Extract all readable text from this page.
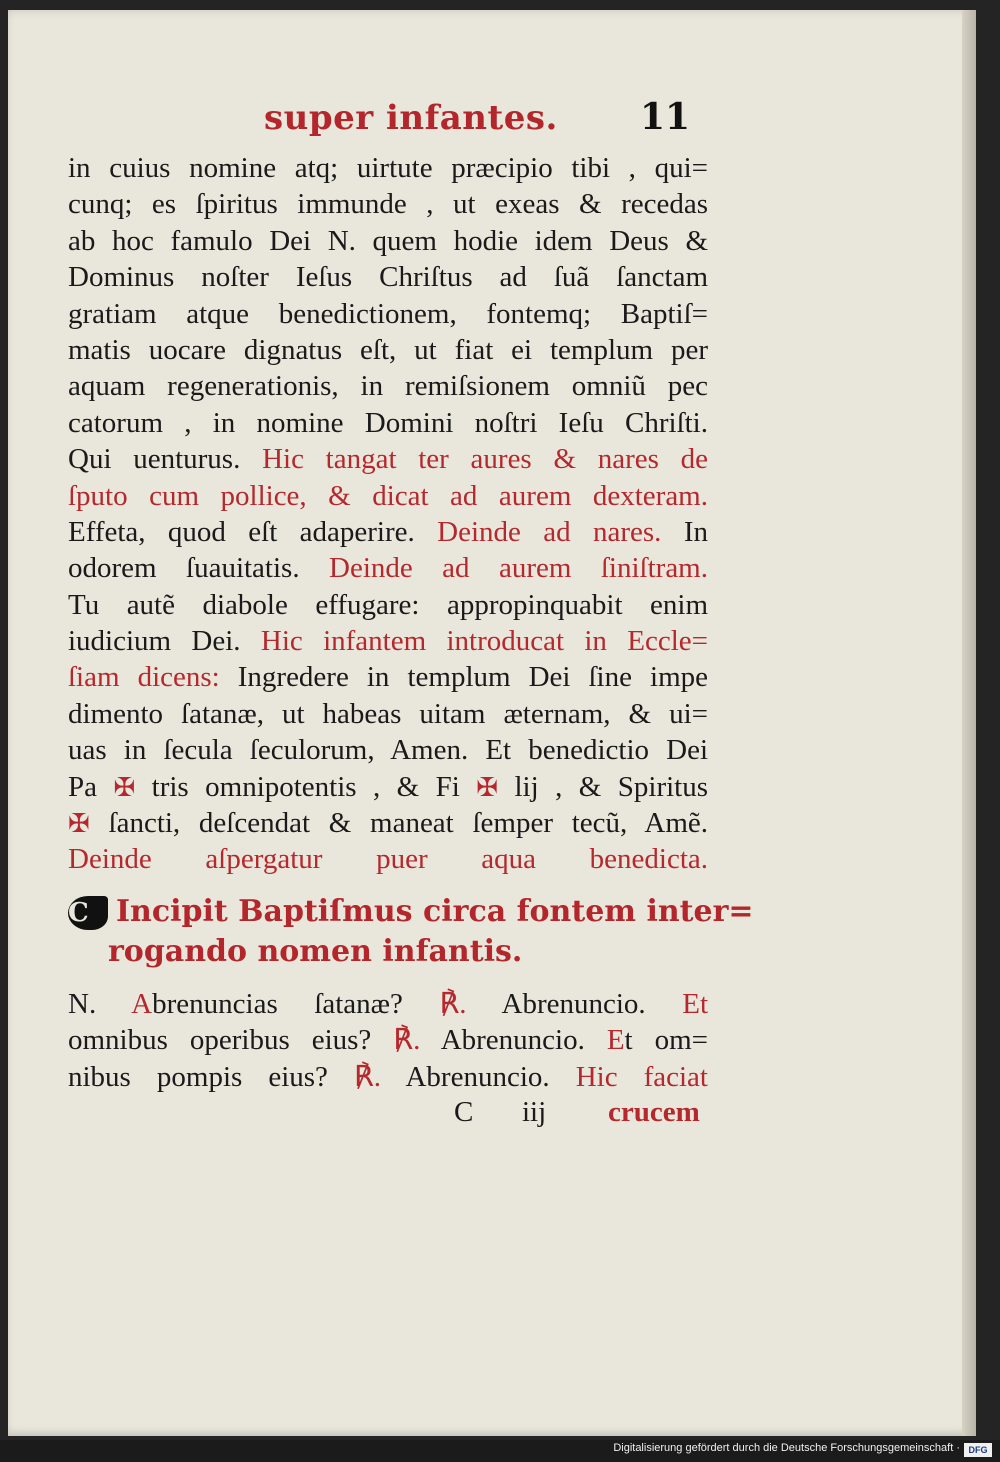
super infantes. 11
in cuius nomine atq; uirtute præcipio tibi , qui=
cunq; es ſpiritus immunde , ut exeas & recedas
ab hoc famulo Dei N. quem hodie idem Deus &
Dominus noſter Ieſus Chriſtus ad ſuã ſanctam
gratiam atque benedictionem, fontemq; Baptiſ=
matis uocare dignatus eſt, ut fiat ei templum per
aquam regenerationis, in remiſsionem omniũ pec
catorum , in nomine Domini noſtri Ieſu Chriſti.
Qui uenturus. Hic tangat ter aures & nares de
ſputo cum pollice, & dicat ad aurem dexteram.
Effeta, quod eſt adaperire. Deinde ad nares. In
odorem ſuauitatis. Deinde ad aurem ſiniſtram.
Tu autẽ diabole effugare: appropinquabit enim
iudicium Dei. Hic infantem introducat in Eccle=
ſiam dicens: Ingredere in templum Dei ſine impe
dimento ſatanæ, ut habeas uitam æternam, & ui=
uas in ſecula ſeculorum, Amen. Et benedictio Dei
Pa ✠ tris omnipotentis , & Fi ✠ lij , & Spiritus
✠ ſancti, deſcendat & maneat ſemper tecũ, Amẽ.
Deinde aſpergatur puer aqua benedicta.
C Incipit Baptiſmus circa fontem inter=
rogando nomen infantis.
N. Abrenuncias ſatanæ? ℟. Abrenuncio. Et
omnibus operibus eius? ℟. Abrenuncio. Et om=
nibus pompis eius? ℟. Abrenuncio. Hic faciat
C iij crucem
Digitalisierung gefördert durch die Deutsche Forschungsgemeinschaft · DFG
